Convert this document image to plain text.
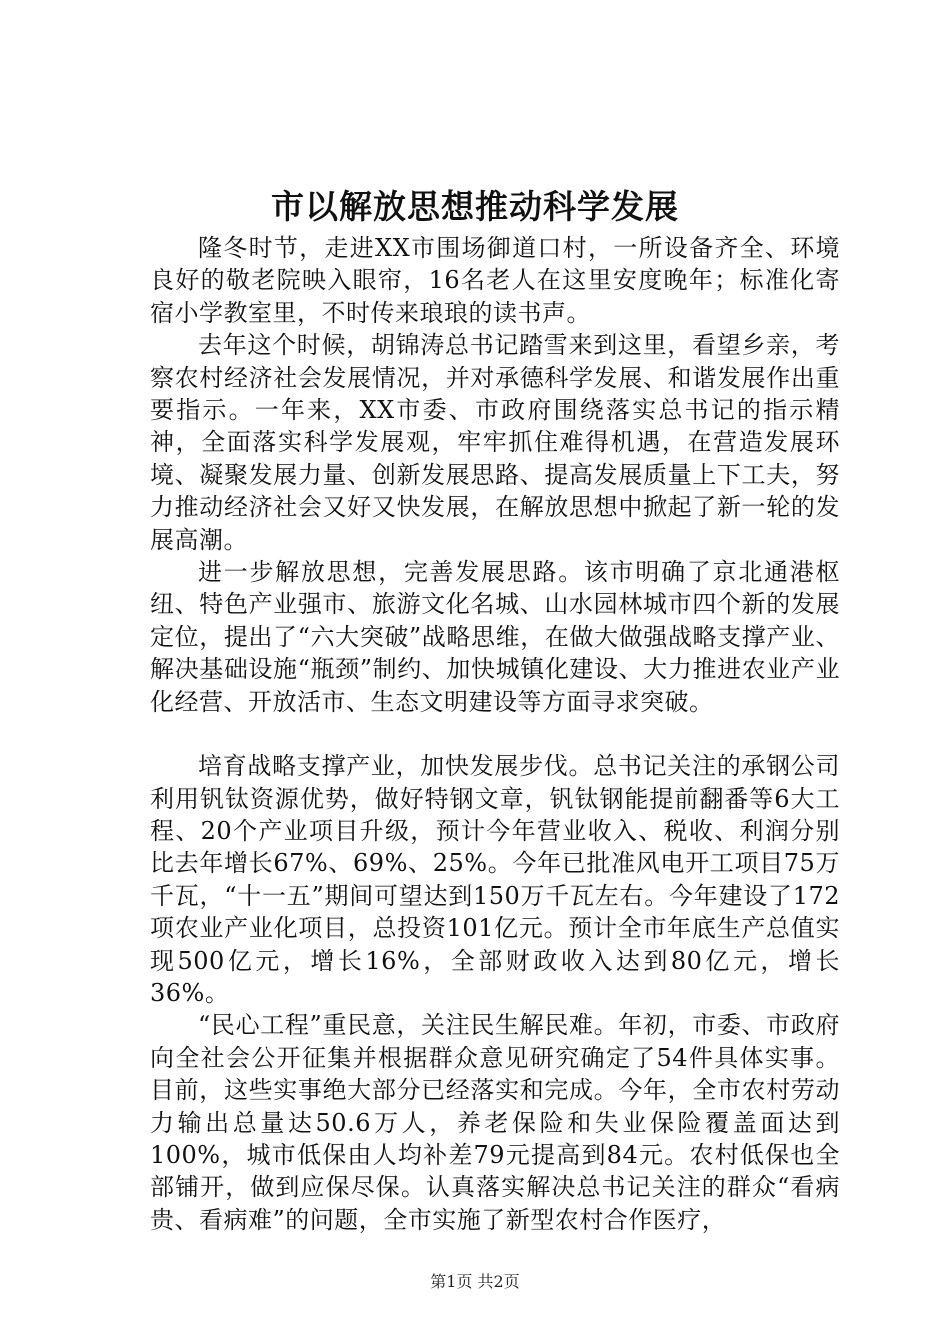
市以解放思想推动科学发展

隆冬时节，走进XX市围场御道口村，一所设备齐全、环境良好的敬老院映入眼帘，16名老人在这里安度晚年；标准化寄宿小学教室里，不时传来琅琅的读书声。

去年这个时候，胡锦涛总书记踏雪来到这里，看望乡亲，考察农村经济社会发展情况，并对承德科学发展、和谐发展作出重要指示。一年来，XX市委、市政府围绕落实总书记的指示精神，全面落实科学发展观，牢牢抓住难得机遇，在营造发展环境、凝聚发展力量、创新发展思路、提高发展质量上下工夫，努力推动经济社会又好又快发展，在解放思想中掀起了新一轮的发展高潮。

进一步解放思想，完善发展思路。该市明确了京北通港枢纽、特色产业强市、旅游文化名城、山水园林城市四个新的发展定位，提出了“六大突破”战略思维，在做大做强战略支撑产业、解决基础设施“瓶颈”制约、加快城镇化建设、大力推进农业产业化经营、开放活市、生态文明建设等方面寻求突破。

培育战略支撑产业，加快发展步伐。总书记关注的承钢公司利用钒钛资源优势，做好特钢文章，钒钛钢能提前翻番等6大工程、20个产业项目升级，预计今年营业收入、税收、利润分别比去年增长67%、69%、25%。今年已批准风电开工项目75万千瓦，“十一五”期间可望达到150万千瓦左右。今年建设了172项农业产业化项目，总投资101亿元。预计全市年底生产总值实现500亿元，增长16%，全部财政收入达到80亿元，增长36%。

“民心工程”重民意，关注民生解民难。年初，市委、市政府向全社会公开征集并根据群众意见研究确定了54件具体实事。目前，这些实事绝大部分已经落实和完成。今年，全市农村劳动力输出总量达50.6万人，养老保险和失业保险覆盖面达到100%，城市低保由人均补差79元提高到84元。农村低保也全部铺开，做到应保尽保。认真落实解决总书记关注的群众“看病贵、看病难”的问题，全市实施了新型农村合作医疗，

第1页 共2页
